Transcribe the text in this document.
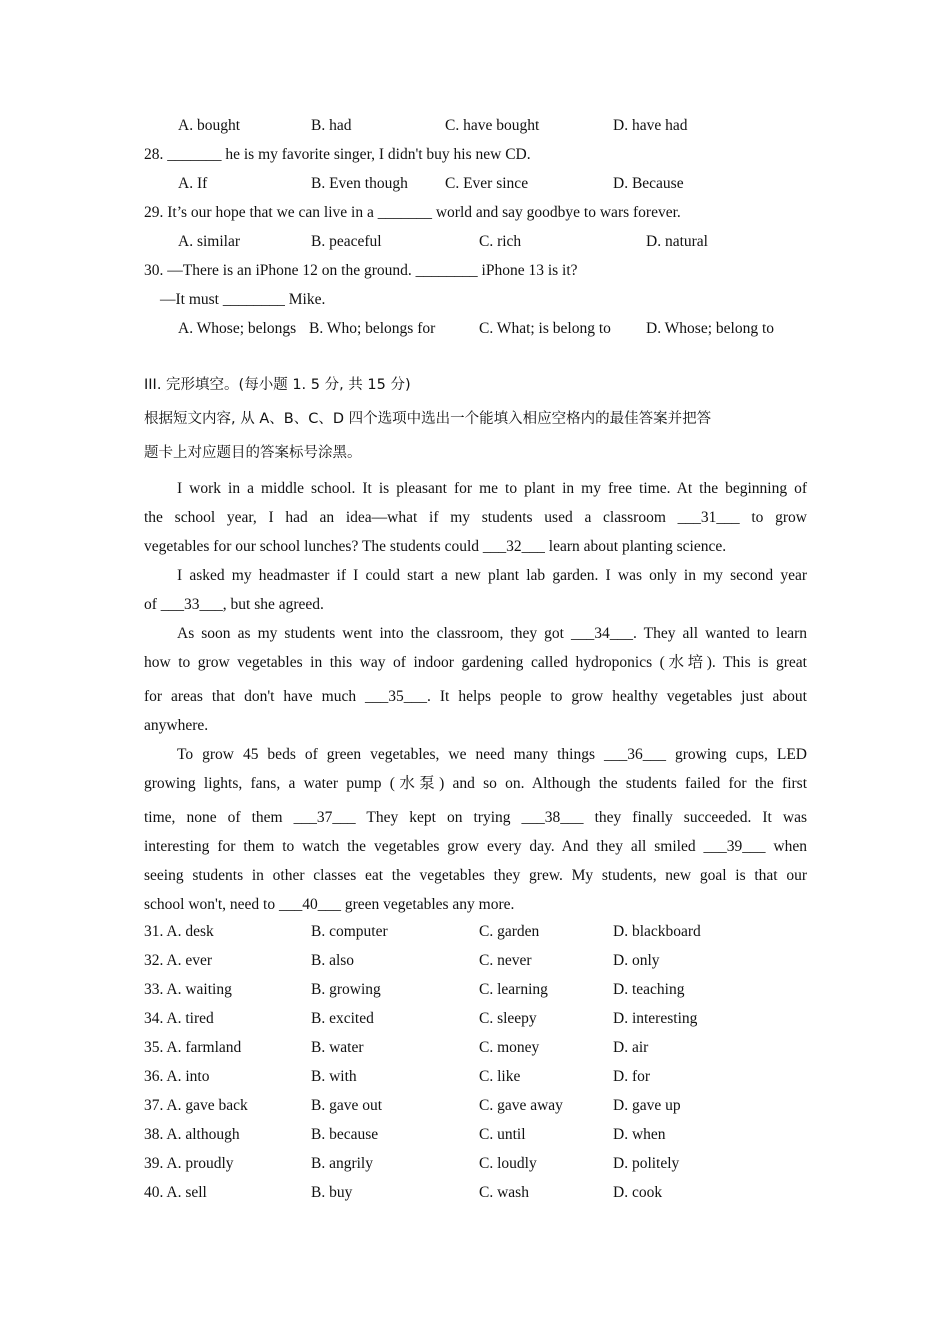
A. bought	B. had	C. have bought	D. have had
28. _______ he is my favorite singer, I didn't buy his new CD.
A. If	B. Even though C. Ever since	D. Because
29. It’s our hope that we can live in a _______ world and say goodbye to wars forever.
A. similar	B. peaceful	C. rich	D. natural
30. —There is an iPhone 12 on the ground. ________ iPhone 13 is it?
—It must ________ Mike.
A. Whose; belongs B. Who; belongs for	C. What; is belong to D. Whose; belong to
III. 完形填空。(每小题 1. 5 分, 共 15 分)
根据短文内容, 从 A、B、C、D 四个选项中选出一个能填入相应空格内的最佳答案并把答
题卡上对应题目的答案标号涂黑。
I work in a middle school. It is pleasant for me to plant in my free time. At the beginning of
the school year, I had an idea—what if my students used a classroom ___31___ to grow
vegetables for our school lunches? The students could ___32___ learn about planting science.
I asked my headmaster if I could start a new plant lab garden. I was only in my second year
of ___33___, but she agreed.
As soon as my students went into the classroom, they got ___34___. They all wanted to learn
how to grow vegetables in this way of indoor gardening called hydroponics (水培). This is great
for areas that don't have much ___35___. It helps people to grow healthy vegetables just about
anywhere.
To grow 45 beds of green vegetables, we need many things ___36___ growing cups, LED
growing lights, fans, a water pump (水泵) and so on. Although the students failed for the first
time, none of them ___37___ They kept on trying ___38___ they finally succeeded. It was
interesting for them to watch the vegetables grow every day. And they all smiled ___39___ when
seeing students in other classes eat the vegetables they grew. My students, new goal is that our
school won't, need to ___40___ green vegetables any more.
31. A. desk	B. computer	C. garden	D. blackboard
32. A. ever	B. also	C. never	D. only
33. A. waiting	B. growing	C. learning	D. teaching
34. A. tired	B. excited	C. sleepy	D. interesting
35. A. farmland	B. water	C. money	D. air
36. A. into	B. with	C. like	D. for
37. A. gave back	B. gave out	C. gave away	D. gave up
38. A. although	B. because	C. until	D. when
39. A. proudly	B. angrily	C. loudly	D. politely
40. A. sell	B. buy	C. wash	D. cook
